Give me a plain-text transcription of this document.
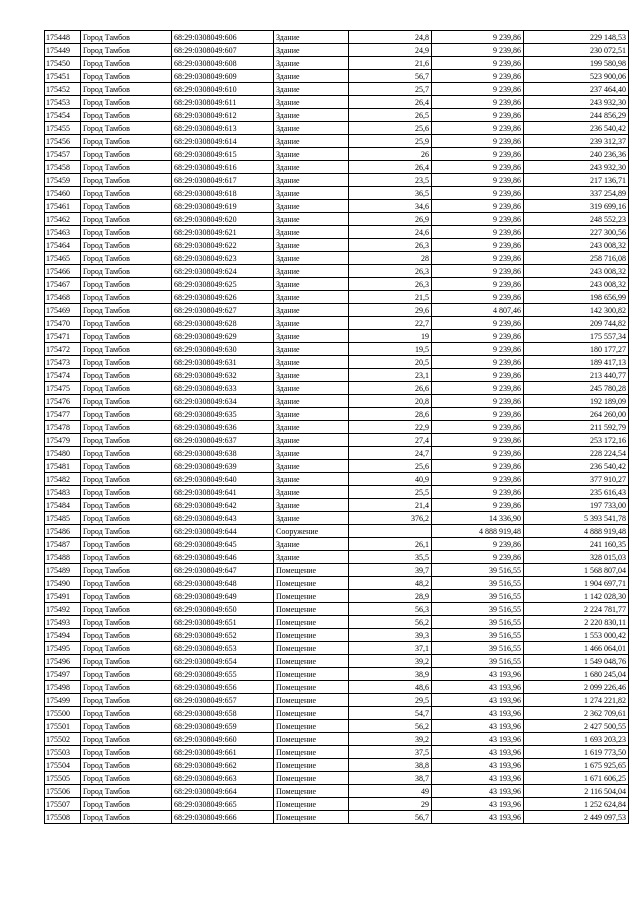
175448	Город Тамбов	68:29:0308049:606	Здание	24,8	9 239,86	229 148,53
175449	Город Тамбов	68:29:0308049:607	Здание	24,9	9 239,86	230 072,51
175450	Город Тамбов	68:29:0308049:608	Здание	21,6	9 239,86	199 580,98
175451	Город Тамбов	68:29:0308049:609	Здание	56,7	9 239,86	523 900,06
175452	Город Тамбов	68:29:0308049:610	Здание	25,7	9 239,86	237 464,40
175453	Город Тамбов	68:29:0308049:611	Здание	26,4	9 239,86	243 932,30
175454	Город Тамбов	68:29:0308049:612	Здание	26,5	9 239,86	244 856,29
175455	Город Тамбов	68:29:0308049:613	Здание	25,6	9 239,86	236 540,42
175456	Город Тамбов	68:29:0308049:614	Здание	25,9	9 239,86	239 312,37
175457	Город Тамбов	68:29:0308049:615	Здание	26	9 239,86	240 236,36
175458	Город Тамбов	68:29:0308049:616	Здание	26,4	9 239,86	243 932,30
175459	Город Тамбов	68:29:0308049:617	Здание	23,5	9 239,86	217 136,71
175460	Город Тамбов	68:29:0308049:618	Здание	36,5	9 239,86	337 254,89
175461	Город Тамбов	68:29:0308049:619	Здание	34,6	9 239,86	319 699,16
175462	Город Тамбов	68:29:0308049:620	Здание	26,9	9 239,86	248 552,23
175463	Город Тамбов	68:29:0308049:621	Здание	24,6	9 239,86	227 300,56
175464	Город Тамбов	68:29:0308049:622	Здание	26,3	9 239,86	243 008,32
175465	Город Тамбов	68:29:0308049:623	Здание	28	9 239,86	258 716,08
175466	Город Тамбов	68:29:0308049:624	Здание	26,3	9 239,86	243 008,32
175467	Город Тамбов	68:29:0308049:625	Здание	26,3	9 239,86	243 008,32
175468	Город Тамбов	68:29:0308049:626	Здание	21,5	9 239,86	198 656,99
175469	Город Тамбов	68:29:0308049:627	Здание	29,6	4 807,46	142 300,82
175470	Город Тамбов	68:29:0308049:628	Здание	22,7	9 239,86	209 744,82
175471	Город Тамбов	68:29:0308049:629	Здание	19	9 239,86	175 557,34
175472	Город Тамбов	68:29:0308049:630	Здание	19,5	9 239,86	180 177,27
175473	Город Тамбов	68:29:0308049:631	Здание	20,5	9 239,86	189 417,13
175474	Город Тамбов	68:29:0308049:632	Здание	23,1	9 239,86	213 440,77
175475	Город Тамбов	68:29:0308049:633	Здание	26,6	9 239,86	245 780,28
175476	Город Тамбов	68:29:0308049:634	Здание	20,8	9 239,86	192 189,09
175477	Город Тамбов	68:29:0308049:635	Здание	28,6	9 239,86	264 260,00
175478	Город Тамбов	68:29:0308049:636	Здание	22,9	9 239,86	211 592,79
175479	Город Тамбов	68:29:0308049:637	Здание	27,4	9 239,86	253 172,16
175480	Город Тамбов	68:29:0308049:638	Здание	24,7	9 239,86	228 224,54
175481	Город Тамбов	68:29:0308049:639	Здание	25,6	9 239,86	236 540,42
175482	Город Тамбов	68:29:0308049:640	Здание	40,9	9 239,86	377 910,27
175483	Город Тамбов	68:29:0308049:641	Здание	25,5	9 239,86	235 616,43
175484	Город Тамбов	68:29:0308049:642	Здание	21,4	9 239,86	197 733,00
175485	Город Тамбов	68:29:0308049:643	Здание	376,2	14 336,90	5 393 541,78
175486	Город Тамбов	68:29:0308049:644	Сооружение		4 888 919,48	4 888 919,48
175487	Город Тамбов	68:29:0308049:645	Здание	26,1	9 239,86	241 160,35
175488	Город Тамбов	68:29:0308049:646	Здание	35,5	9 239,86	328 015,03
175489	Город Тамбов	68:29:0308049:647	Помещение	39,7	39 516,55	1 568 807,04
175490	Город Тамбов	68:29:0308049:648	Помещение	48,2	39 516,55	1 904 697,71
175491	Город Тамбов	68:29:0308049:649	Помещение	28,9	39 516,55	1 142 028,30
175492	Город Тамбов	68:29:0308049:650	Помещение	56,3	39 516,55	2 224 781,77
175493	Город Тамбов	68:29:0308049:651	Помещение	56,2	39 516,55	2 220 830,11
175494	Город Тамбов	68:29:0308049:652	Помещение	39,3	39 516,55	1 553 000,42
175495	Город Тамбов	68:29:0308049:653	Помещение	37,1	39 516,55	1 466 064,01
175496	Город Тамбов	68:29:0308049:654	Помещение	39,2	39 516,55	1 549 048,76
175497	Город Тамбов	68:29:0308049:655	Помещение	38,9	43 193,96	1 680 245,04
175498	Город Тамбов	68:29:0308049:656	Помещение	48,6	43 193,96	2 099 226,46
175499	Город Тамбов	68:29:0308049:657	Помещение	29,5	43 193,96	1 274 221,82
175500	Город Тамбов	68:29:0308049:658	Помещение	54,7	43 193,96	2 362 709,61
175501	Город Тамбов	68:29:0308049:659	Помещение	56,2	43 193,96	2 427 500,55
175502	Город Тамбов	68:29:0308049:660	Помещение	39,2	43 193,96	1 693 203,23
175503	Город Тамбов	68:29:0308049:661	Помещение	37,5	43 193,96	1 619 773,50
175504	Город Тамбов	68:29:0308049:662	Помещение	38,8	43 193,96	1 675 925,65
175505	Город Тамбов	68:29:0308049:663	Помещение	38,7	43 193,96	1 671 606,25
175506	Город Тамбов	68:29:0308049:664	Помещение	49	43 193,96	2 116 504,04
175507	Город Тамбов	68:29:0308049:665	Помещение	29	43 193,96	1 252 624,84
175508	Город Тамбов	68:29:0308049:666	Помещение	56,7	43 193,96	2 449 097,53
